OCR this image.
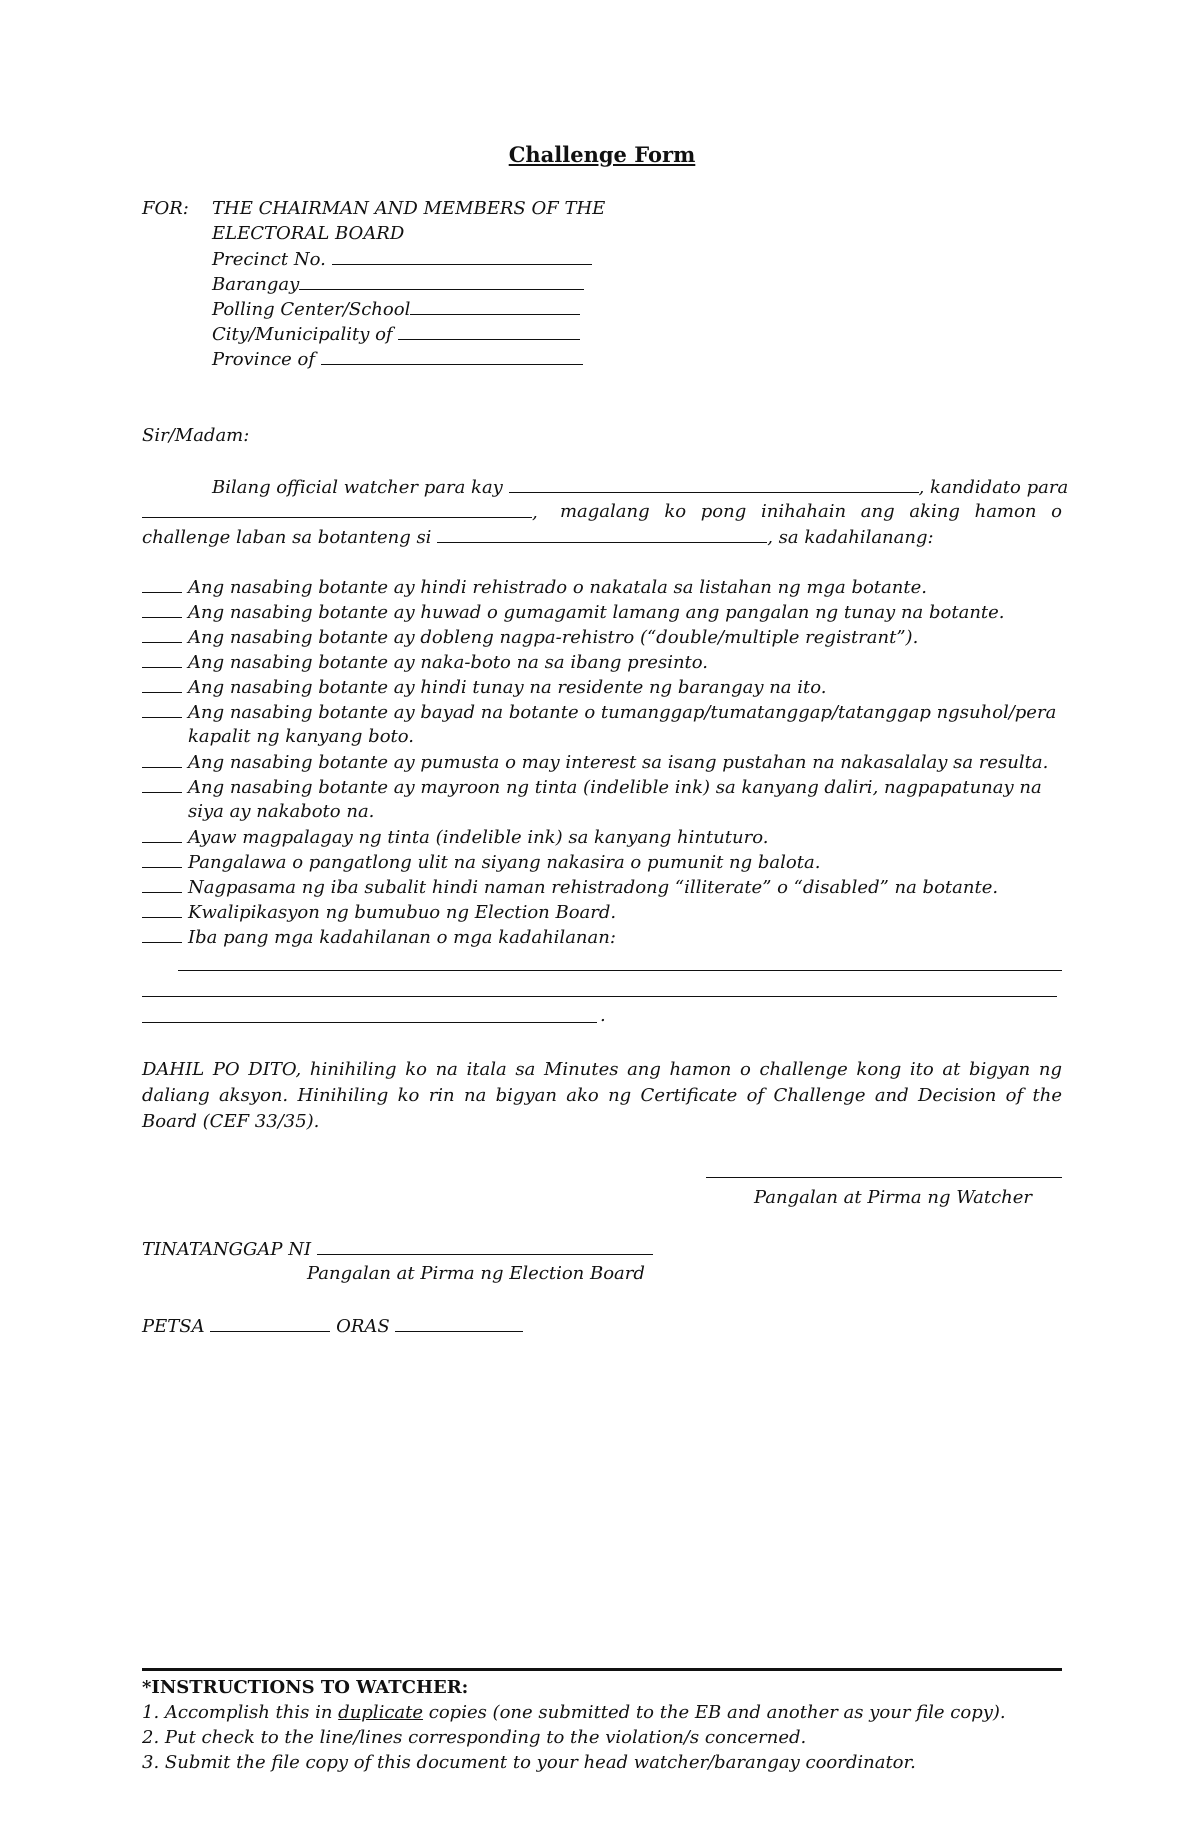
Challenge Form
FOR: THE CHAIRMAN AND MEMBERS OF THE
ELECTORAL BOARD
Precinct No.
Barangay
Polling Center/School
City/Municipality of
Province of
Sir/Madam:
Bilang official watcher para kay	, kandidato para
, magalang ko pong inihahain ang aking hamon o
challenge laban sa botanteng si	, sa kadahilanang:
Ang nasabing botante ay hindi rehistrado o nakatala sa listahan ng mga botante.
Ang nasabing botante ay huwad o gumagamit lamang ang pangalan ng tunay na botante.
Ang nasabing botante ay dobleng nagpa-rehistro (“double/multiple registrant”).
Ang nasabing botante ay naka-boto na sa ibang presinto.
Ang nasabing botante ay hindi tunay na residente ng barangay na ito.
Ang nasabing botante ay bayad na botante o tumanggap/tumatanggap/tatanggap ngsuhol/pera
kapalit ng kanyang boto.
Ang nasabing botante ay pumusta o may interest sa isang pustahan na nakasalalay sa resulta.
Ang nasabing botante ay mayroon ng tinta (indelible ink) sa kanyang daliri, nagpapatunay na
siya ay nakaboto na.
Ayaw magpalagay ng tinta (indelible ink) sa kanyang hintuturo.
Pangalawa o pangatlong ulit na siyang nakasira o pumunit ng balota.
Nagpasama ng iba subalit hindi naman rehistradong “illiterate” o “disabled” na botante.
Kwalipikasyon ng bumubuo ng Election Board.
Iba pang mga kadahilanan o mga kadahilanan:
.
DAHIL PO DITO, hinihiling ko na itala sa Minutes ang hamon o challenge kong ito at bigyan ng daliang aksyon. Hinihiling ko rin na bigyan ako ng Certificate of Challenge and Decision of the Board (CEF 33/35).
Pangalan at Pirma ng Watcher
TINATANGGAP NI
Pangalan at Pirma ng Election Board
PETSA	ORAS
*INSTRUCTIONS TO WATCHER:
1. Accomplish this in duplicate copies (one submitted to the EB and another as your file copy).
2. Put check to the line/lines corresponding to the violation/s concerned.
3. Submit the file copy of this document to your head watcher/barangay coordinator.
